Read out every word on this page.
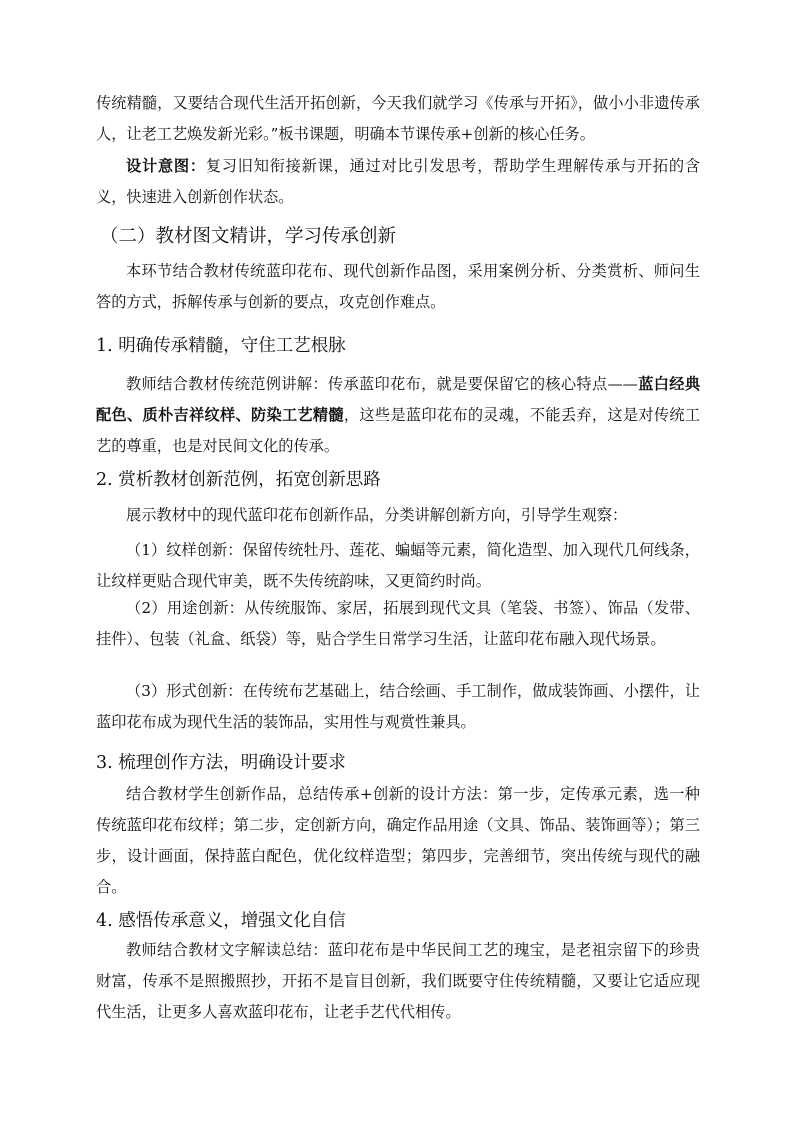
传统精髓，又要结合现代生活开拓创新，今天我们就学习《传承与开拓》，做小小非遗传承人，让老工艺焕发新光彩。”板书课题，明确本节课传承+创新的核心任务。

设计意图：复习旧知衔接新课，通过对比引发思考，帮助学生理解传承与开拓的含义，快速进入创新创作状态。

（二）教材图文精讲，学习传承创新

本环节结合教材传统蓝印花布、现代创新作品图，采用案例分析、分类赏析、师问生答的方式，拆解传承与创新的要点，攻克创作难点。

1. 明确传承精髓，守住工艺根脉

教师结合教材传统范例讲解：传承蓝印花布，就是要保留它的核心特点——蓝白经典配色、质朴吉祥纹样、防染工艺精髓，这些是蓝印花布的灵魂，不能丢弃，这是对传统工艺的尊重，也是对民间文化的传承。

2. 赏析教材创新范例，拓宽创新思路

展示教材中的现代蓝印花布创新作品，分类讲解创新方向，引导学生观察：

（1）纹样创新：保留传统牡丹、莲花、蝙蝠等元素，简化造型、加入现代几何线条，让纹样更贴合现代审美，既不失传统韵味，又更简约时尚。

（2）用途创新：从传统服饰、家居，拓展到现代文具（笔袋、书签）、饰品（发带、挂件）、包装（礼盒、纸袋）等，贴合学生日常学习生活，让蓝印花布融入现代场景。

（3）形式创新：在传统布艺基础上，结合绘画、手工制作，做成装饰画、小摆件，让蓝印花布成为现代生活的装饰品，实用性与观赏性兼具。

3. 梳理创作方法，明确设计要求

结合教材学生创新作品，总结传承+创新的设计方法：第一步，定传承元素，选一种传统蓝印花布纹样；第二步，定创新方向，确定作品用途（文具、饰品、装饰画等）；第三步，设计画面，保持蓝白配色，优化纹样造型；第四步，完善细节，突出传统与现代的融合。

4. 感悟传承意义，增强文化自信

教师结合教材文字解读总结：蓝印花布是中华民间工艺的瑰宝，是老祖宗留下的珍贵财富，传承不是照搬照抄，开拓不是盲目创新，我们既要守住传统精髓，又要让它适应现代生活，让更多人喜欢蓝印花布，让老手艺代代相传。
